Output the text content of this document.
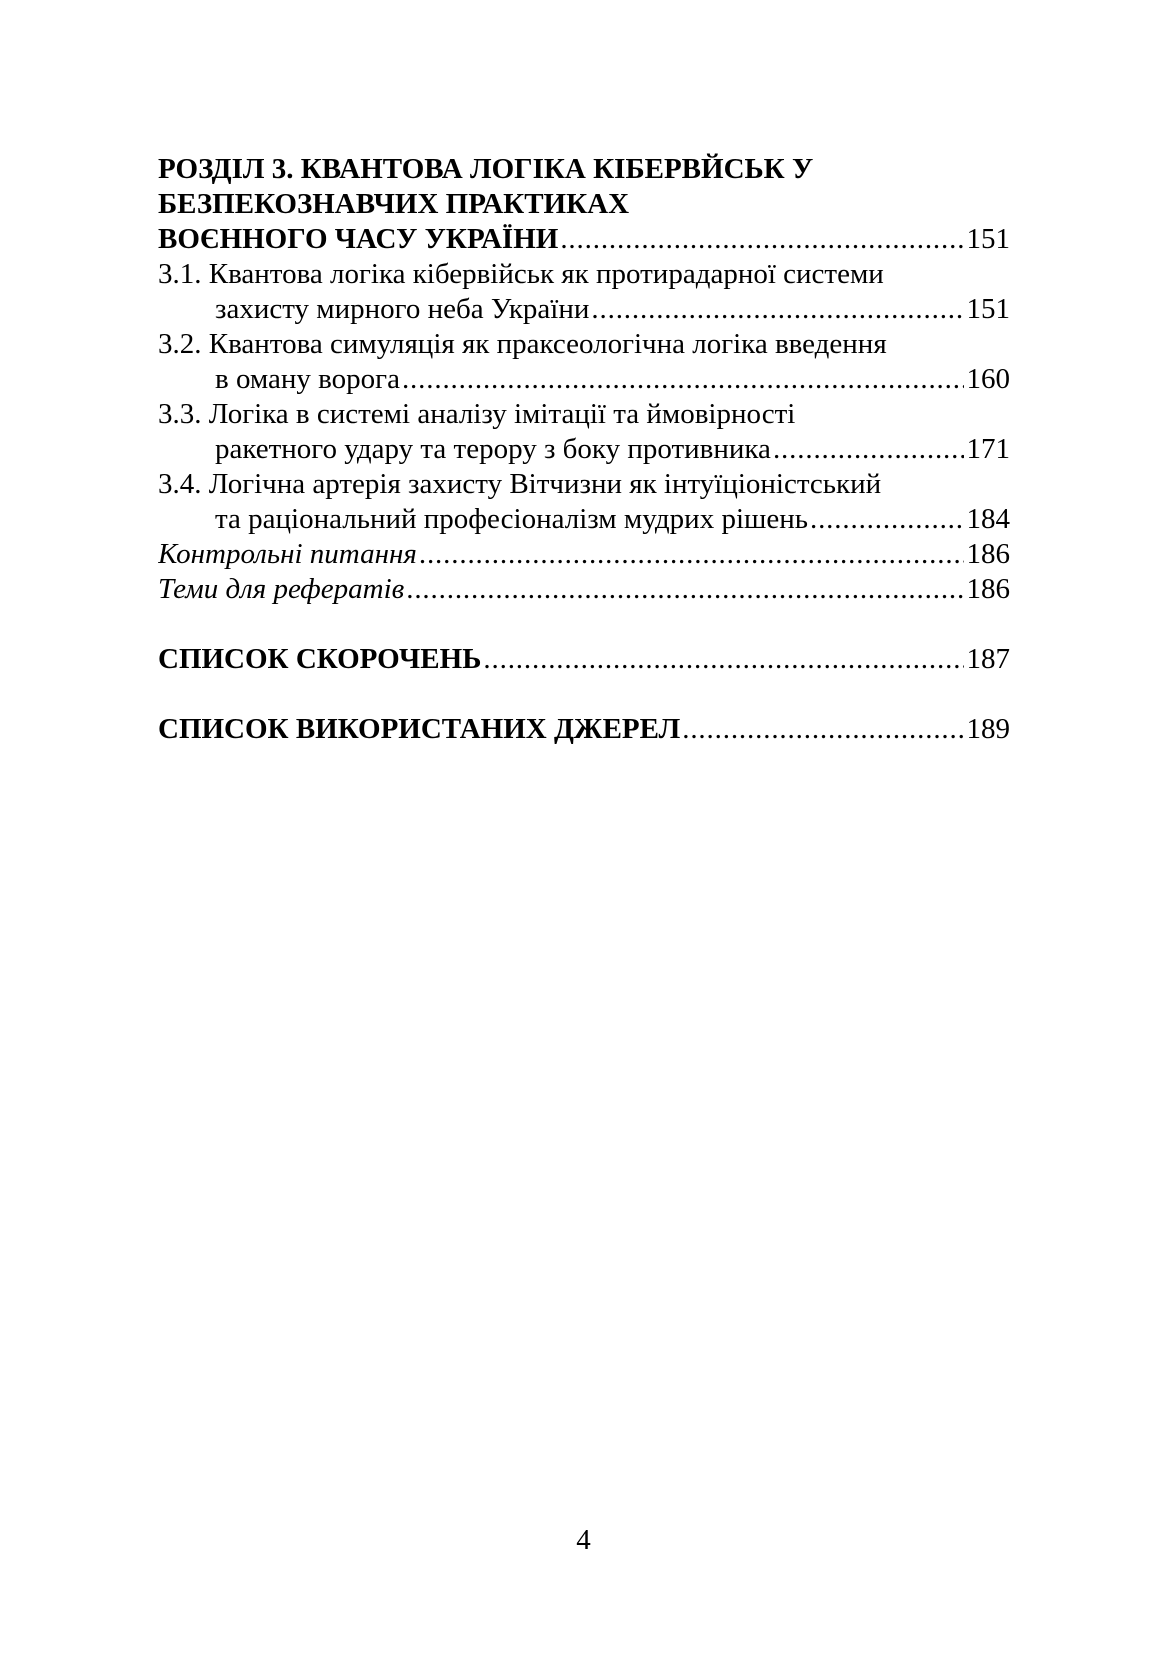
РОЗДІЛ 3. КВАНТОВА ЛОГІКА КІБЕРВЙСЬК У
БЕЗПЕКОЗНАВЧИХ ПРАКТИКАХ
ВОЄННОГО ЧАСУ УКРАЇНИ . . .	151
3.1. Квантова логіка кібервійськ як протирадарної системи
захисту мирного неба України . . .	151
3.2. Квантова симуляція як праксеологічна логіка введення
в оману ворога . . .	160
3.3. Логіка в системі аналізу імітації та ймовірності
ракетного удару та терору з боку противника . . .	171
3.4. Логічна артерія захисту Вітчизни як інтуїціоністський
та раціональний професіоналізм мудрих рішень . . .	184
Контрольні питання . . .	186
Теми для рефератів . . .	186
СПИСОК СКОРОЧЕНЬ . . .	187
СПИСОК ВИКОРИСТАНИХ ДЖЕРЕЛ . . .	189
4
